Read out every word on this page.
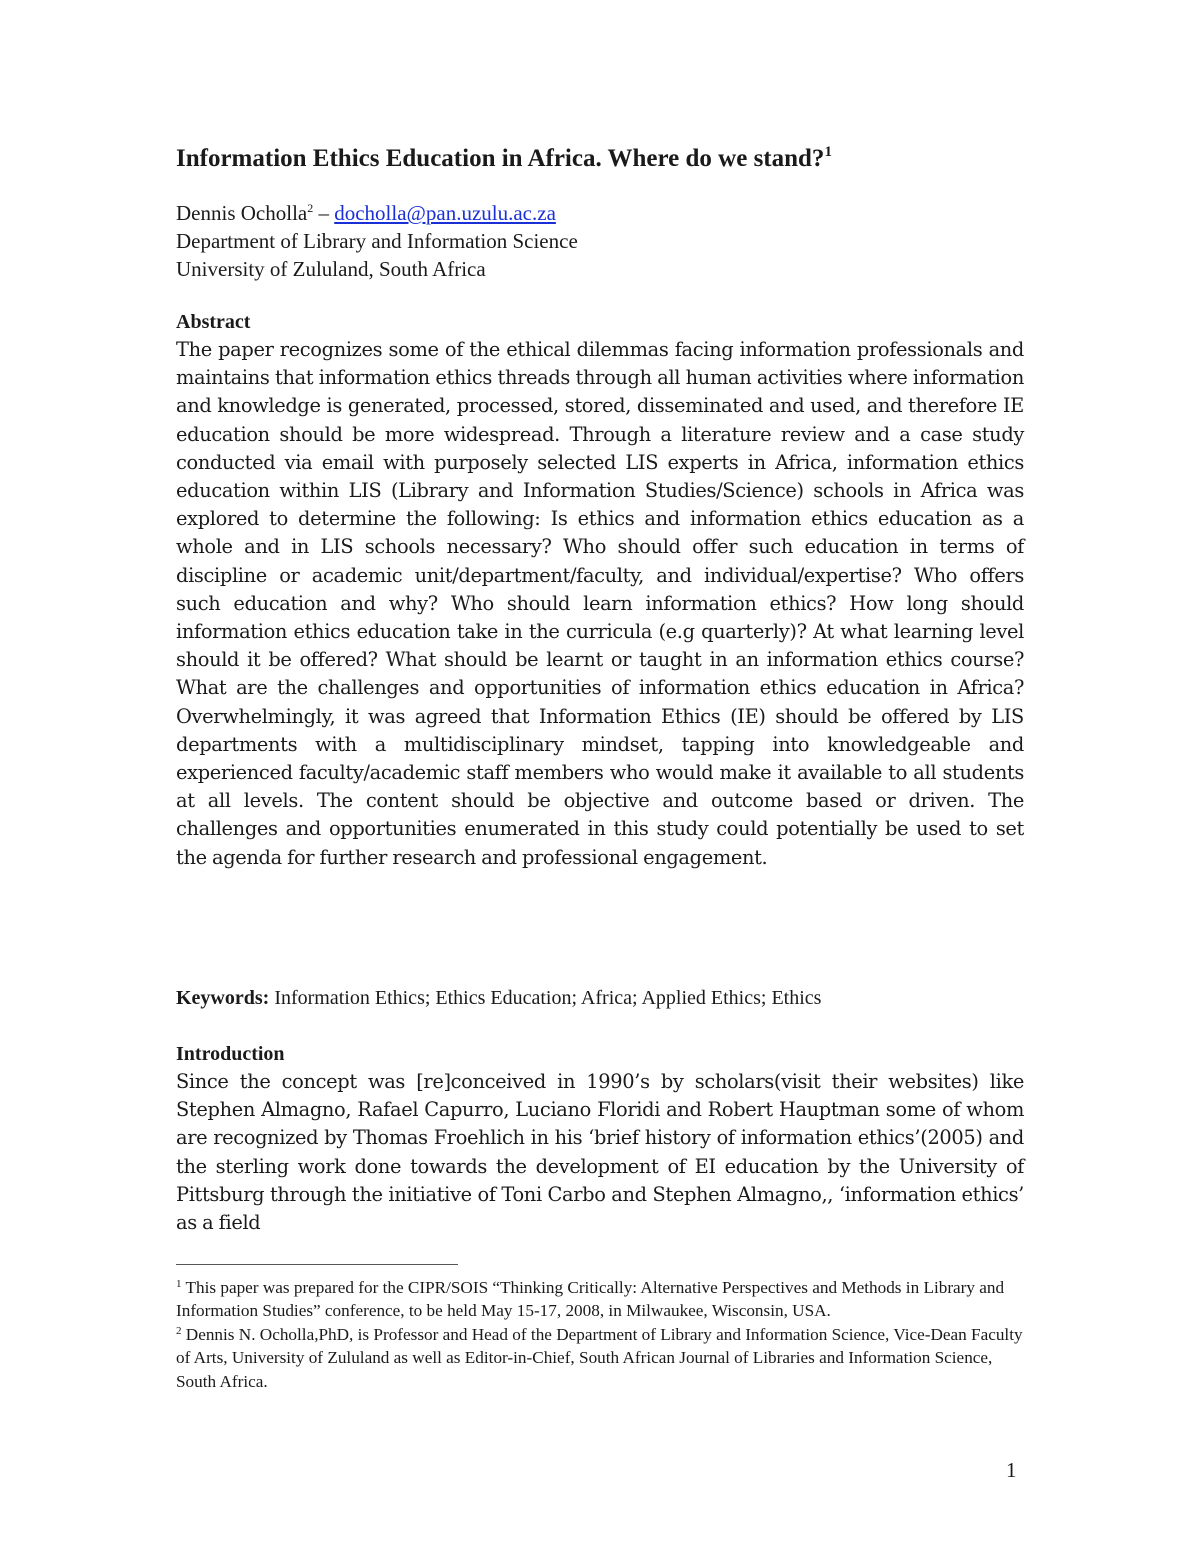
Information Ethics Education in Africa. Where do we stand?$^1$
Dennis Ocholla$^2$ – docholla@pan.uzulu.ac.za
Department of Library and Information Science
University of Zululand, South Africa
Abstract
The paper recognizes some of the ethical dilemmas facing information professionals and maintains that information ethics threads through all human activities where information and knowledge is generated, processed, stored, disseminated and used, and therefore IE education should be more widespread. Through a literature review and a case study conducted via email with purposely selected LIS experts in Africa, information ethics education within LIS (Library and Information Studies/Science) schools in Africa was explored to determine the following: Is ethics and information ethics education as a whole and in LIS schools necessary? Who should offer such education in terms of discipline or academic unit/department/faculty, and individual/expertise? Who offers such education and why? Who should learn information ethics? How long should information ethics education take in the curricula (e.g quarterly)? At what learning level should it be offered? What should be learnt or taught in an information ethics course? What are the challenges and opportunities of information ethics education in Africa? Overwhelmingly, it was agreed that Information Ethics (IE) should be offered by LIS departments with a multidisciplinary mindset, tapping into knowledgeable and experienced faculty/academic staff members who would make it available to all students at all levels. The content should be objective and outcome based or driven. The challenges and opportunities enumerated in this study could potentially be used to set the agenda for further research and professional engagement.
Keywords: Information Ethics; Ethics Education; Africa; Applied Ethics; Ethics
Introduction
Since the concept was [re]conceived in 1990’s by scholars(visit their websites) like Stephen Almagno, Rafael Capurro, Luciano Floridi and Robert Hauptman some of whom are recognized by Thomas Froehlich in his ‘brief history of information ethics’(2005) and the sterling work done towards the development of EI education by the University of Pittsburg through the initiative of Toni Carbo and Stephen Almagno,, ‘information ethics’ as a field

$^1$ This paper was prepared for the CIPR/SOIS “Thinking Critically: Alternative Perspectives and Methods in Library and Information Studies” conference, to be held May 15-17, 2008, in Milwaukee, Wisconsin, USA.

$^2$ Dennis N. Ocholla,PhD, is Professor and Head of the Department of Library and Information Science, Vice-Dean Faculty of Arts, University of Zululand as well as Editor-in-Chief, South African Journal of Libraries and Information Science, South Africa.

1
